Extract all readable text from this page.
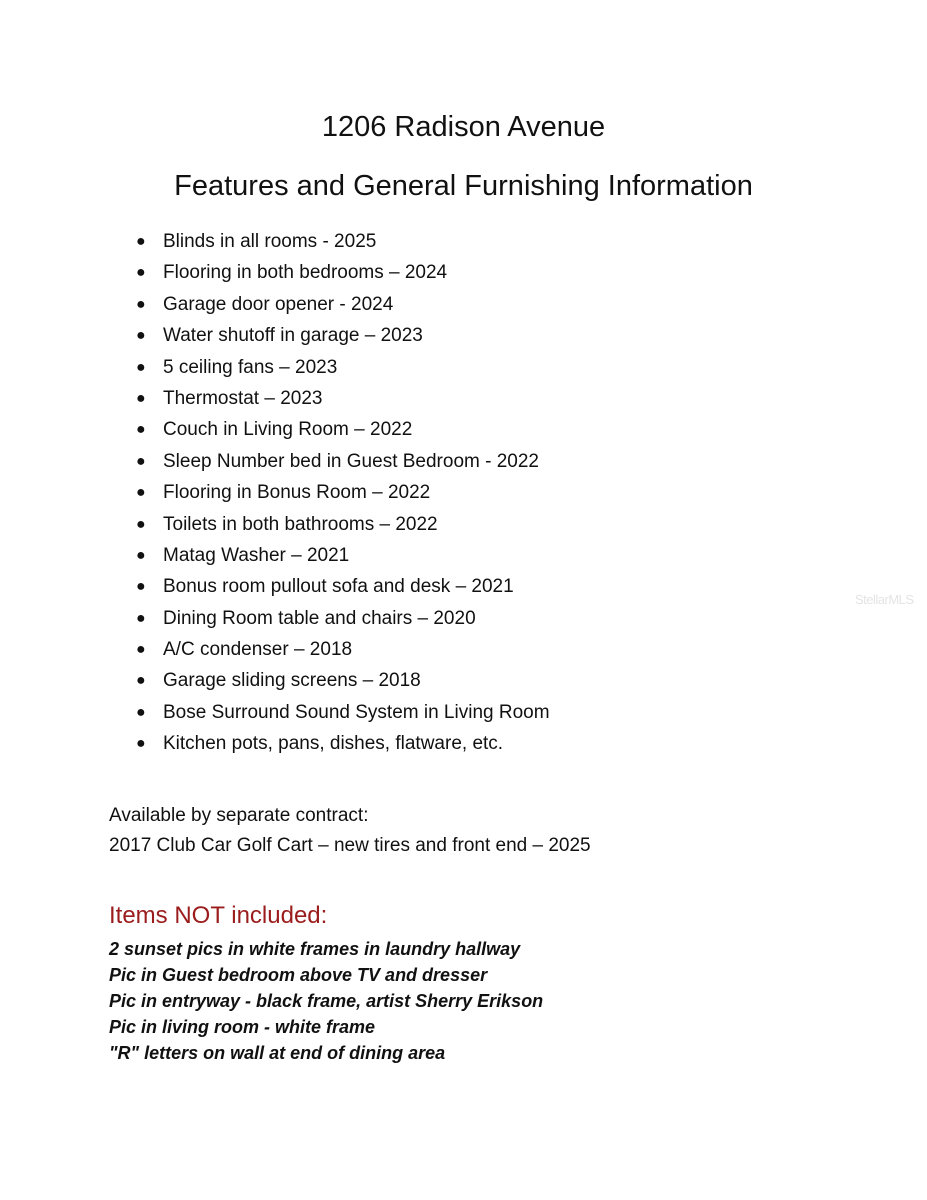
1206 Radison Avenue
Features and General Furnishing Information
● Blinds in all rooms - 2025
● Flooring in both bedrooms – 2024
● Garage door opener - 2024
● Water shutoff in garage – 2023
● 5 ceiling fans – 2023
● Thermostat – 2023
● Couch in Living Room – 2022
● Sleep Number bed in Guest Bedroom - 2022
● Flooring in Bonus Room – 2022
● Toilets in both bathrooms – 2022
● Matag Washer – 2021
● Bonus room pullout sofa and desk – 2021
● Dining Room table and chairs – 2020
● A/C condenser – 2018
● Garage sliding screens – 2018
● Bose Surround Sound System in Living Room
● Kitchen pots, pans, dishes, flatware, etc.
Available by separate contract:
2017 Club Car Golf Cart – new tires and front end – 2025
Items NOT included:
2 sunset pics in white frames in laundry hallway
Pic in Guest bedroom above TV and dresser
Pic in entryway - black frame, artist Sherry Erikson
Pic in living room - white frame
"R" letters on wall at end of dining area
StellarMLS
